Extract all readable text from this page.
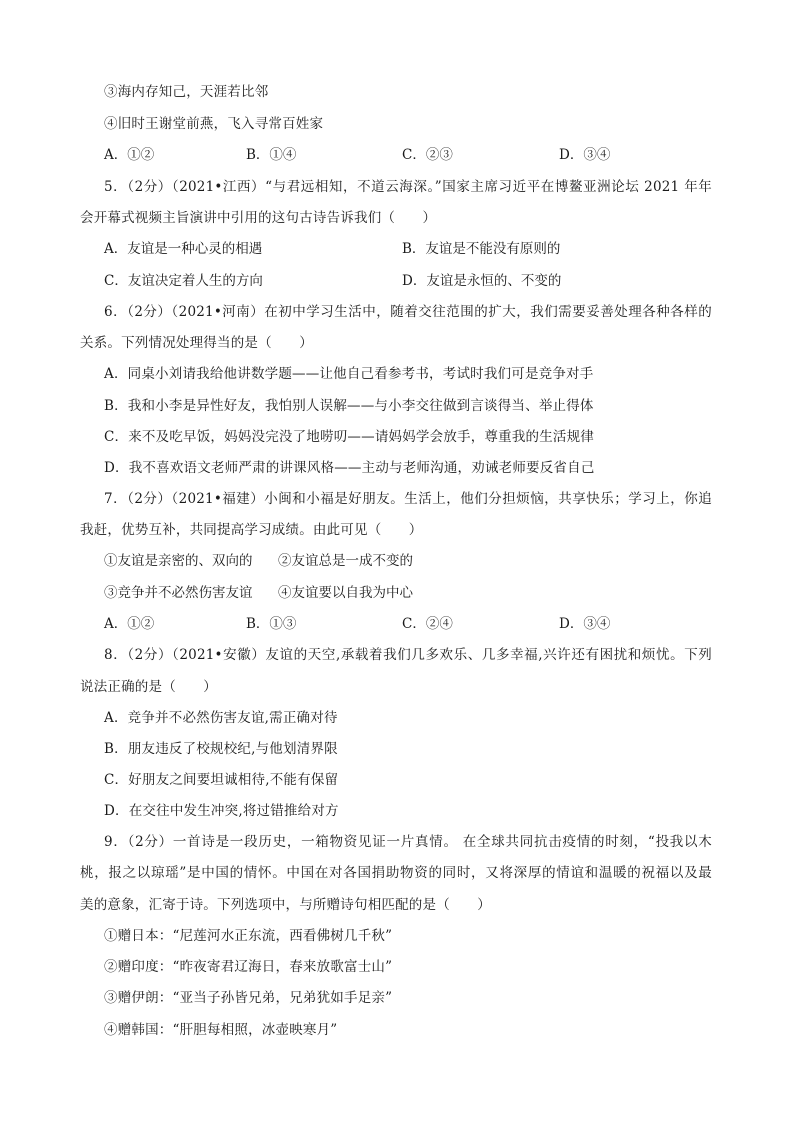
③海内存知己，天涯若比邻
④旧时王谢堂前燕，飞入寻常百姓家
A．①②	B．①④	C．②③	D．③④
5．（2分）（2021•江西）“与君远相知，不道云海深。”国家主席习近平在博鳌亚洲论坛 2021 年年
会开幕式视频主旨演讲中引用的这句古诗告诉我们（　　）
A．友谊是一种心灵的相遇	B．友谊是不能没有原则的
C．友谊决定着人生的方向	D．友谊是永恒的、不变的
6．（2分）（2021•河南）在初中学习生活中，随着交往范围的扩大，我们需要妥善处理各种各样的
关系。下列情况处理得当的是（　　）
A．同桌小刘请我给他讲数学题——让他自己看参考书，考试时我们可是竞争对手
B．我和小李是异性好友，我怕别人误解——与小李交往做到言谈得当、举止得体
C．来不及吃早饭，妈妈没完没了地唠叨——请妈妈学会放手，尊重我的生活规律
D．我不喜欢语文老师严肃的讲课风格——主动与老师沟通，劝诫老师要反省自己
7．（2分）（2021•福建）小闽和小福是好朋友。生活上，他们分担烦恼，共享快乐；学习上，你追
我赶，优势互补，共同提高学习成绩。由此可见（　　）
①友谊是亲密的、双向的 ②友谊总是一成不变的
③竞争并不必然伤害友谊 ④友谊要以自我为中心
A．①②	B．①③	C．②④	D．③④
8．（2分）（2021•安徽）友谊的天空,承载着我们几多欢乐、几多幸福,兴许还有困扰和烦忧。下列
说法正确的是（　　）
A．竞争并不必然伤害友谊,需正确对待
B．朋友违反了校规校纪,与他划清界限
C．好朋友之间要坦诚相待,不能有保留
D．在交往中发生冲突,将过错推给对方
9．（2分）一首诗是一段历史，一箱物资见证一片真情。 在全球共同抗击疫情的时刻，“投我以木
桃，报之以琼瑶”是中国的情怀。中国在对各国捐助物资的同时，又将深厚的情谊和温暖的祝福以及最
美的意象，汇寄于诗。下列选项中，与所赠诗句相匹配的是（　　）
①赠日本：“尼莲河水正东流，西看佛树几千秋”
②赠印度：“昨夜寄君辽海日，春来放歌富士山”
③赠伊朗：“亚当子孙皆兄弟，兄弟犹如手足亲”
④赠韩国：“肝胆每相照，冰壶映寒月”
